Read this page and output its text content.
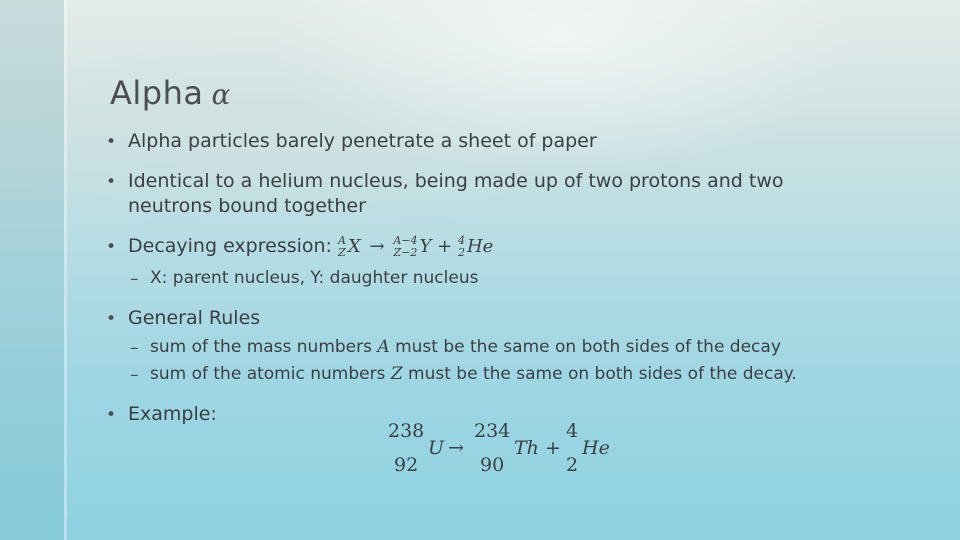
Alpha α
• Alpha particles barely penetrate a sheet of paper
• Identical to a helium nucleus, being made up of two protons and two
neutrons bound together
• Decaying expression: A
Z X → A−4
Z−2 Y + 4
2 He
– X: parent nucleus, Y: daughter nucleus
• General Rules
– sum of the mass numbers A must be the same on both sides of the decay
– sum of the atomic numbers Z must be the same on both sides of the decay.
• Example:
238
92
U →
234
90
Th +
4
2
He
